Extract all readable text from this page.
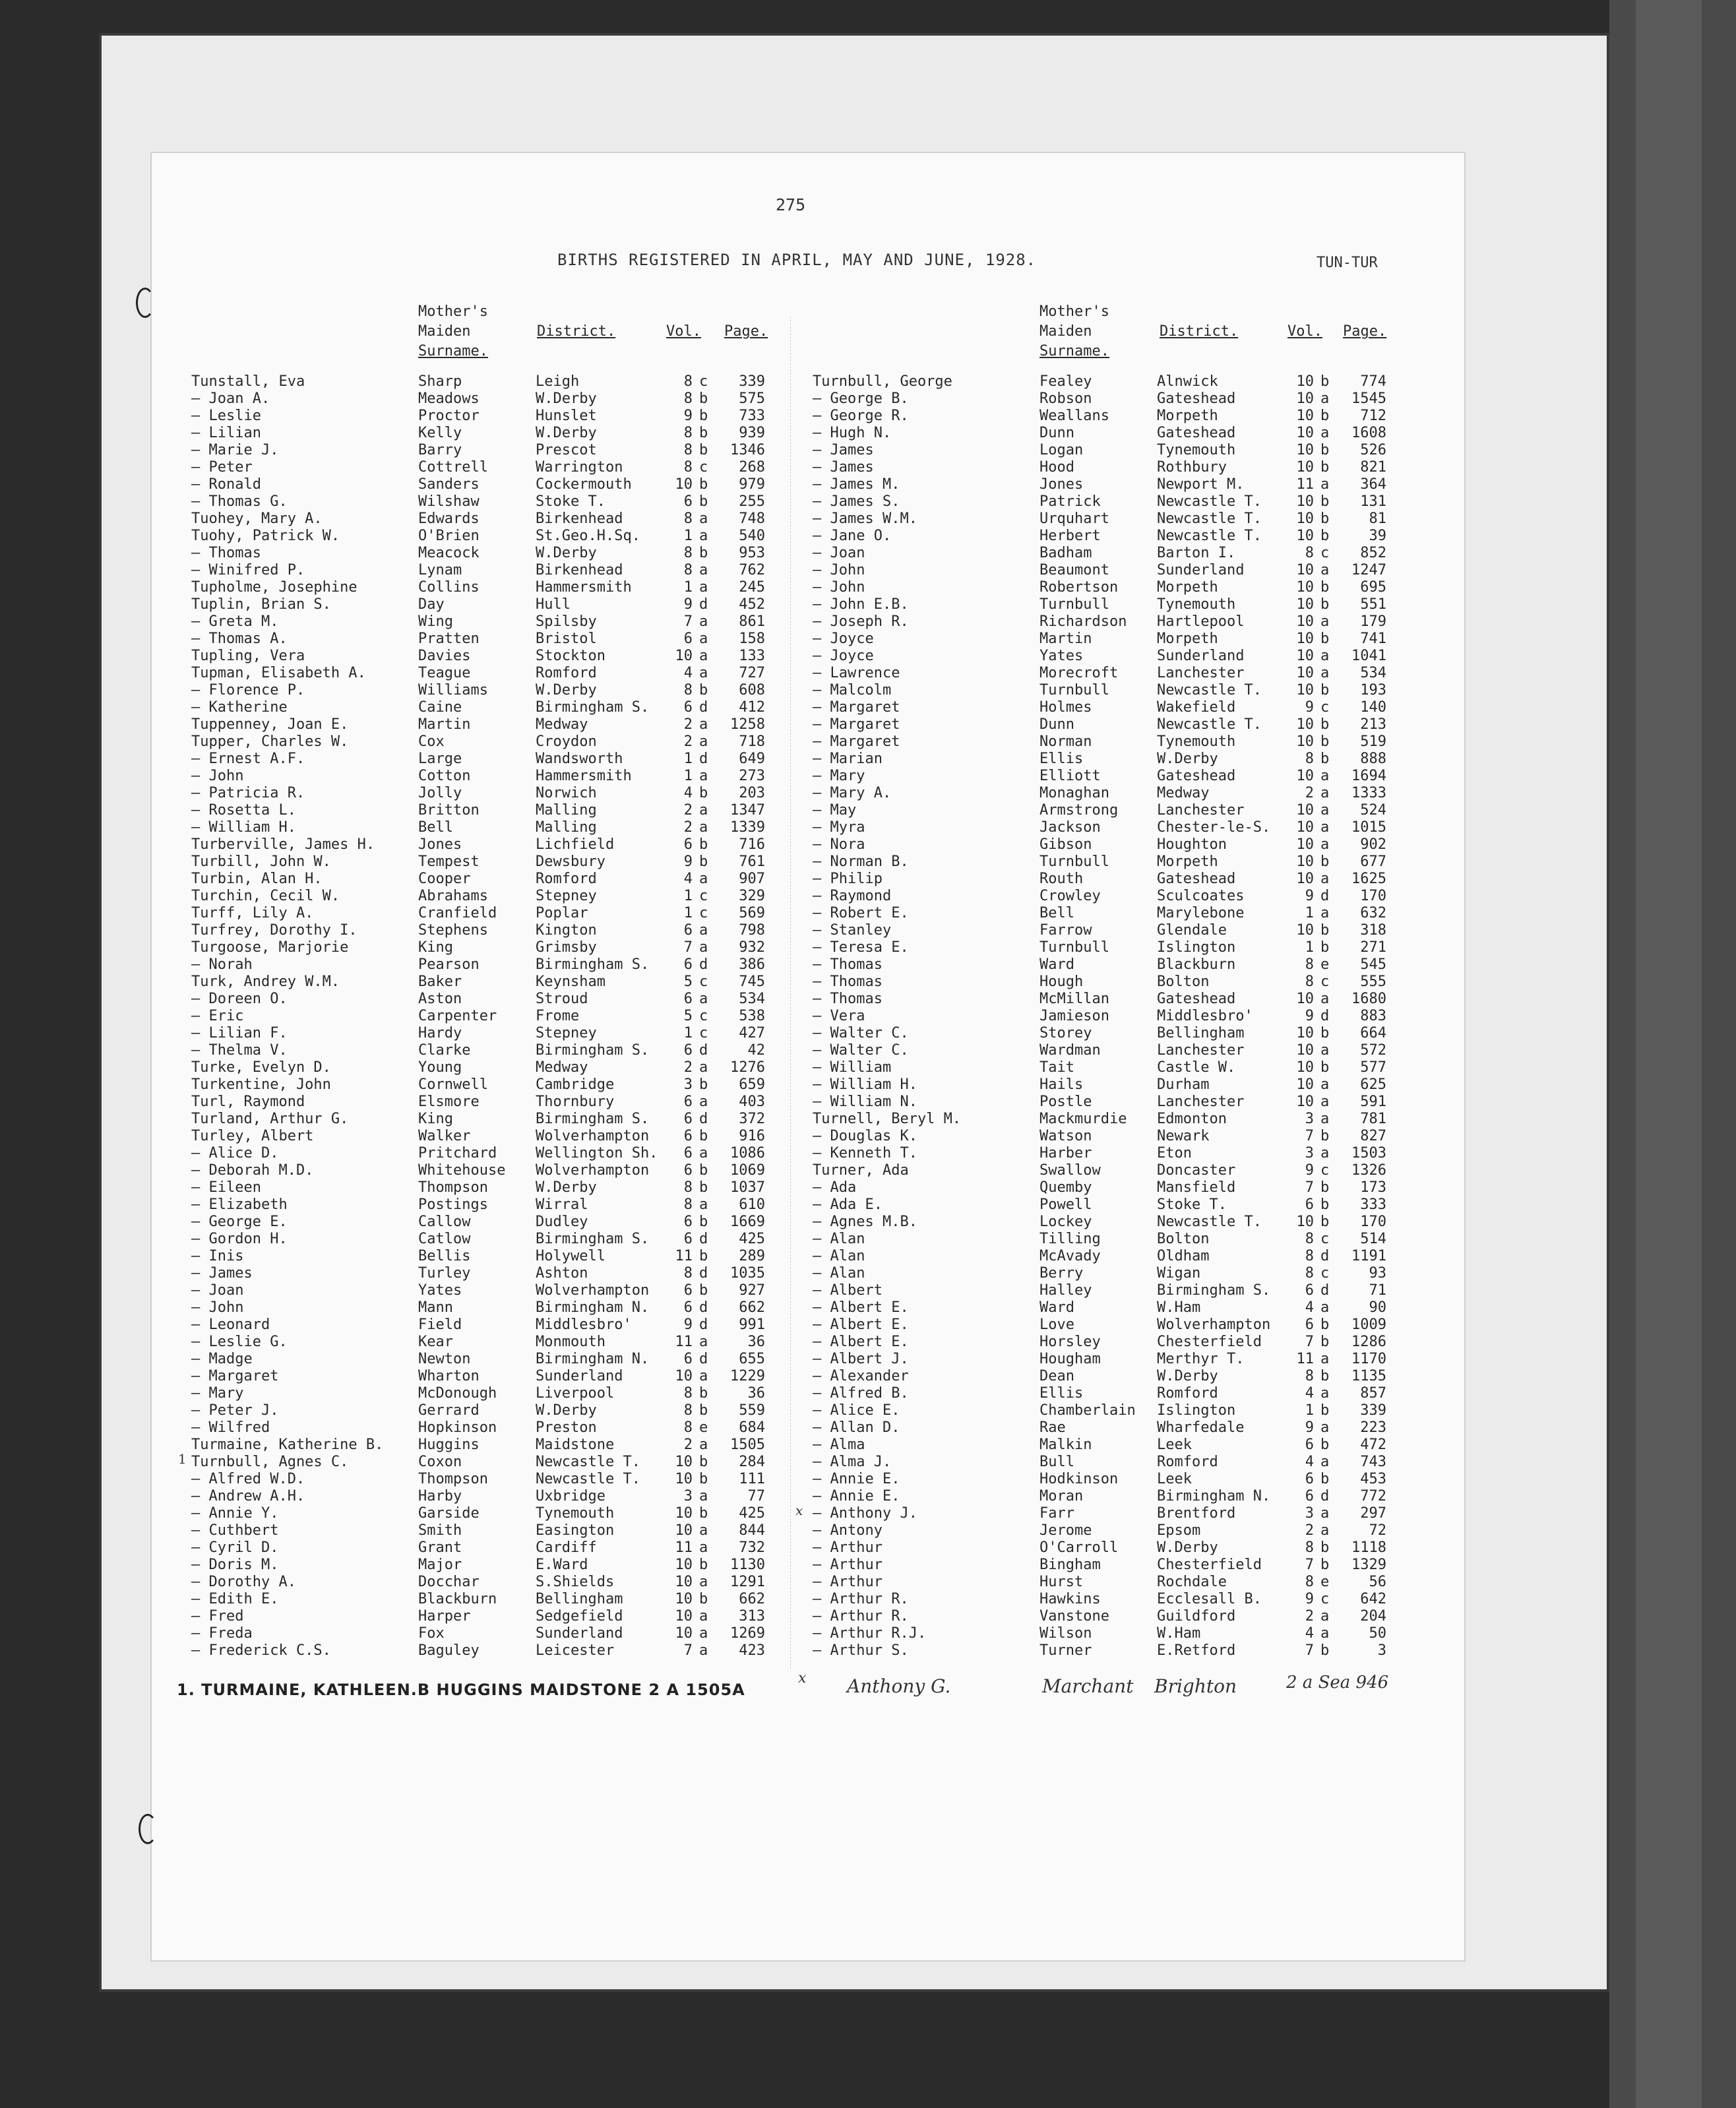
275
BIRTHS REGISTERED IN APRIL, MAY AND JUNE, 1928.	TUN-TUR
Mother's
Maiden
Surname.
District.	Vol. Page.
Mother's
Maiden
Surname.
District.	Vol. Page.
Tunstall, Eva	Sharp	Leigh	8 c	339
— Joan A.	Meadows	W.Derby	8 b	575
— Leslie	Proctor	Hunslet	9 b	733
— Lilian	Kelly	W.Derby	8 b	939
— Marie J.	Barry	Prescot	8 b	1346
— Peter	Cottrell	Warrington	8 c	268
— Ronald	Sanders	Cockermouth	10 b	979
— Thomas G.	Wilshaw	Stoke T.	6 b	255
Tuohey, Mary A.	Edwards	Birkenhead	8 a	748
Tuohy, Patrick W.	O'Brien	St.Geo.H.Sq.	1 a	540
— Thomas	Meacock	W.Derby	8 b	953
— Winifred P.	Lynam	Birkenhead	8 a	762
Tupholme, Josephine	Collins	Hammersmith	1 a	245
Tuplin, Brian S.	Day	Hull	9 d	452
— Greta M.	Wing	Spilsby	7 a	861
— Thomas A.	Pratten	Bristol	6 a	158
Tupling, Vera	Davies	Stockton	10 a	133
Tupman, Elisabeth A.	Teague	Romford	4 a	727
— Florence P.	Williams	W.Derby	8 b	608
— Katherine	Caine	Birmingham S.	6 d	412
Tuppenney, Joan E.	Martin	Medway	2 a	1258
Tupper, Charles W.	Cox	Croydon	2 a	718
— Ernest A.F.	Large	Wandsworth	1 d	649
— John	Cotton	Hammersmith	1 a	273
— Patricia R.	Jolly	Norwich	4 b	203
— Rosetta L.	Britton	Malling	2 a	1347
— William H.	Bell	Malling	2 a	1339
Turberville, James H.	Jones	Lichfield	6 b	716
Turbill, John W.	Tempest	Dewsbury	9 b	761
Turbin, Alan H.	Cooper	Romford	4 a	907
Turchin, Cecil W.	Abrahams	Stepney	1 c	329
Turff, Lily A.	Cranfield	Poplar	1 c	569
Turfrey, Dorothy I.	Stephens	Kington	6 a	798
Turgoose, Marjorie	King	Grimsby	7 a	932
— Norah	Pearson	Birmingham S.	6 d	386
Turk, Andrey W.M.	Baker	Keynsham	5 c	745
— Doreen O.	Aston	Stroud	6 a	534
— Eric	Carpenter	Frome	5 c	538
— Lilian F.	Hardy	Stepney	1 c	427
— Thelma V.	Clarke	Birmingham S.	6 d	42
Turke, Evelyn D.	Young	Medway	2 a	1276
Turkentine, John	Cornwell	Cambridge	3 b	659
Turl, Raymond	Elsmore	Thornbury	6 a	403
Turland, Arthur G.	King	Birmingham S.	6 d	372
Turley, Albert	Walker	Wolverhampton	6 b	916
— Alice D.	Pritchard	Wellington Sh.	6 a	1086
— Deborah M.D.	Whitehouse Wolverhampton	6 b	1069
— Eileen	Thompson	W.Derby	8 b	1037
— Elizabeth	Postings	Wirral	8 a	610
— George E.	Callow	Dudley	6 b	1669
— Gordon H.	Catlow	Birmingham S.	6 d	425
— Inis	Bellis	Holywell	11 b	289
— James	Turley	Ashton	8 d	1035
— Joan	Yates	Wolverhampton	6 b	927
— John	Mann	Birmingham N.	6 d	662
— Leonard	Field	Middlesbro'	9 d	991
— Leslie G.	Kear	Monmouth	11 a	36
— Madge	Newton	Birmingham N.	6 d	655
— Margaret	Wharton	Sunderland	10 a	1229
— Mary	McDonough	Liverpool	8 b	36
— Peter J.	Gerrard	W.Derby	8 b	559
— Wilfred	Hopkinson	Preston	8 e	684
Turmaine, Katherine B. Huggins	Maidstone	2 a	1505
Turnbull, Agnes C.	Coxon	Newcastle T. 10 b	284
— Alfred W.D.	Thompson	Newcastle T. 10 b	111
— Andrew A.H.	Harby	Uxbridge	3 a	77
— Annie Y.	Garside	Tynemouth	10 b	425
— Cuthbert	Smith	Easington	10 a	844
— Cyril D.	Grant	Cardiff	11 a	732
— Doris M.	Major	E.Ward	10 b	1130
— Dorothy A.	Docchar	S.Shields	10 a	1291
— Edith E.	Blackburn	Bellingham	10 b	662
— Fred	Harper	Sedgefield	10 a	313
— Freda	Fox	Sunderland	10 a	1269
— Frederick C.S.	Baguley	Leicester	7 a	423
Turnbull, George	Fealey	Alnwick	10 b	774
— George B.	Robson	Gateshead	10 a	1545
— George R.	Weallans	Morpeth	10 b	712
— Hugh N.	Dunn	Gateshead	10 a	1608
— James	Logan	Tynemouth	10 b	526
— James	Hood	Rothbury	10 b	821
— James M.	Jones	Newport M.	11 a	364
— James S.	Patrick	Newcastle T. 10 b	131
— James W.M.	Urquhart	Newcastle T. 10 b	81
— Jane O.	Herbert	Newcastle T. 10 b	39
— Joan	Badham	Barton I.	8 c	852
— John	Beaumont	Sunderland	10 a	1247
— John	Robertson	Morpeth	10 b	695
— John E.B.	Turnbull	Tynemouth	10 b	551
— Joseph R.	Richardson Hartlepool	10 a	179
— Joyce	Martin	Morpeth	10 b	741
— Joyce	Yates	Sunderland	10 a	1041
— Lawrence	Morecroft	Lanchester	10 a	534
— Malcolm	Turnbull	Newcastle T. 10 b	193
— Margaret	Holmes	Wakefield	9 c	140
— Margaret	Dunn	Newcastle T. 10 b	213
— Margaret	Norman	Tynemouth	10 b	519
— Marian	Ellis	W.Derby	8 b	888
— Mary	Elliott	Gateshead	10 a	1694
— Mary A.	Monaghan	Medway	2 a	1333
— May	Armstrong	Lanchester	10 a	524
— Myra	Jackson	Chester-le-S. 10 a	1015
— Nora	Gibson	Houghton	10 a	902
— Norman B.	Turnbull	Morpeth	10 b	677
— Philip	Routh	Gateshead	10 a	1625
— Raymond	Crowley	Sculcoates	9 d	170
— Robert E.	Bell	Marylebone	1 a	632
— Stanley	Farrow	Glendale	10 b	318
— Teresa E.	Turnbull	Islington	1 b	271
— Thomas	Ward	Blackburn	8 e	545
— Thomas	Hough	Bolton	8 c	555
— Thomas	McMillan	Gateshead	10 a	1680
— Vera	Jamieson	Middlesbro'	9 d	883
— Walter C.	Storey	Bellingham	10 b	664
— Walter C.	Wardman	Lanchester	10 a	572
— William	Tait	Castle W.	10 b	577
— William H.	Hails	Durham	10 a	625
— William N.	Postle	Lanchester	10 a	591
Turnell, Beryl M.	Mackmurdie Edmonton	3 a	781
— Douglas K.	Watson	Newark	7 b	827
— Kenneth T.	Harber	Eton	3 a	1503
Turner, Ada	Swallow	Doncaster	9 c	1326
— Ada	Quemby	Mansfield	7 b	173
— Ada E.	Powell	Stoke T.	6 b	333
— Agnes M.B.	Lockey	Newcastle T. 10 b	170
— Alan	Tilling	Bolton	8 c	514
— Alan	McAvady	Oldham	8 d	1191
— Alan	Berry	Wigan	8 c	93
— Albert	Halley	Birmingham S.	6 d	71
— Albert E.	Ward	W.Ham	4 a	90
— Albert E.	Love	Wolverhampton	6 b	1009
— Albert E.	Horsley	Chesterfield	7 b	1286
— Albert J.	Hougham	Merthyr T.	11 a	1170
— Alexander	Dean	W.Derby	8 b	1135
— Alfred B.	Ellis	Romford	4 a	857
— Alice E.	Chamberlain Islington	1 b	339
— Allan D.	Rae	Wharfedale	9 a	223
— Alma	Malkin	Leek	6 b	472
— Alma J.	Bull	Romford	4 a	743
— Annie E.	Hodkinson	Leek	6 b	453
— Annie E.	Moran	Birmingham N.	6 d	772
— Anthony J.	Farr	Brentford	3 a	297
— Antony	Jerome	Epsom	2 a	72
— Arthur	O'Carroll	W.Derby	8 b	1118
— Arthur	Bingham	Chesterfield	7 b	1329
— Arthur	Hurst	Rochdale	8 e	56
— Arthur R.	Hawkins	Ecclesall B.	9 c	642
— Arthur R.	Vanstone	Guildford	2 a	204
— Arthur R.J.	Wilson	W.Ham	4 a	50
— Arthur S.	Turner	E.Retford	7 b	3
1. TURMAINE, KATHLEEN.B HUGGINS MAIDSTONE 2 A 1505A
x Anthony G.	Marchant Brighton	2 a Sea 946
1
x
